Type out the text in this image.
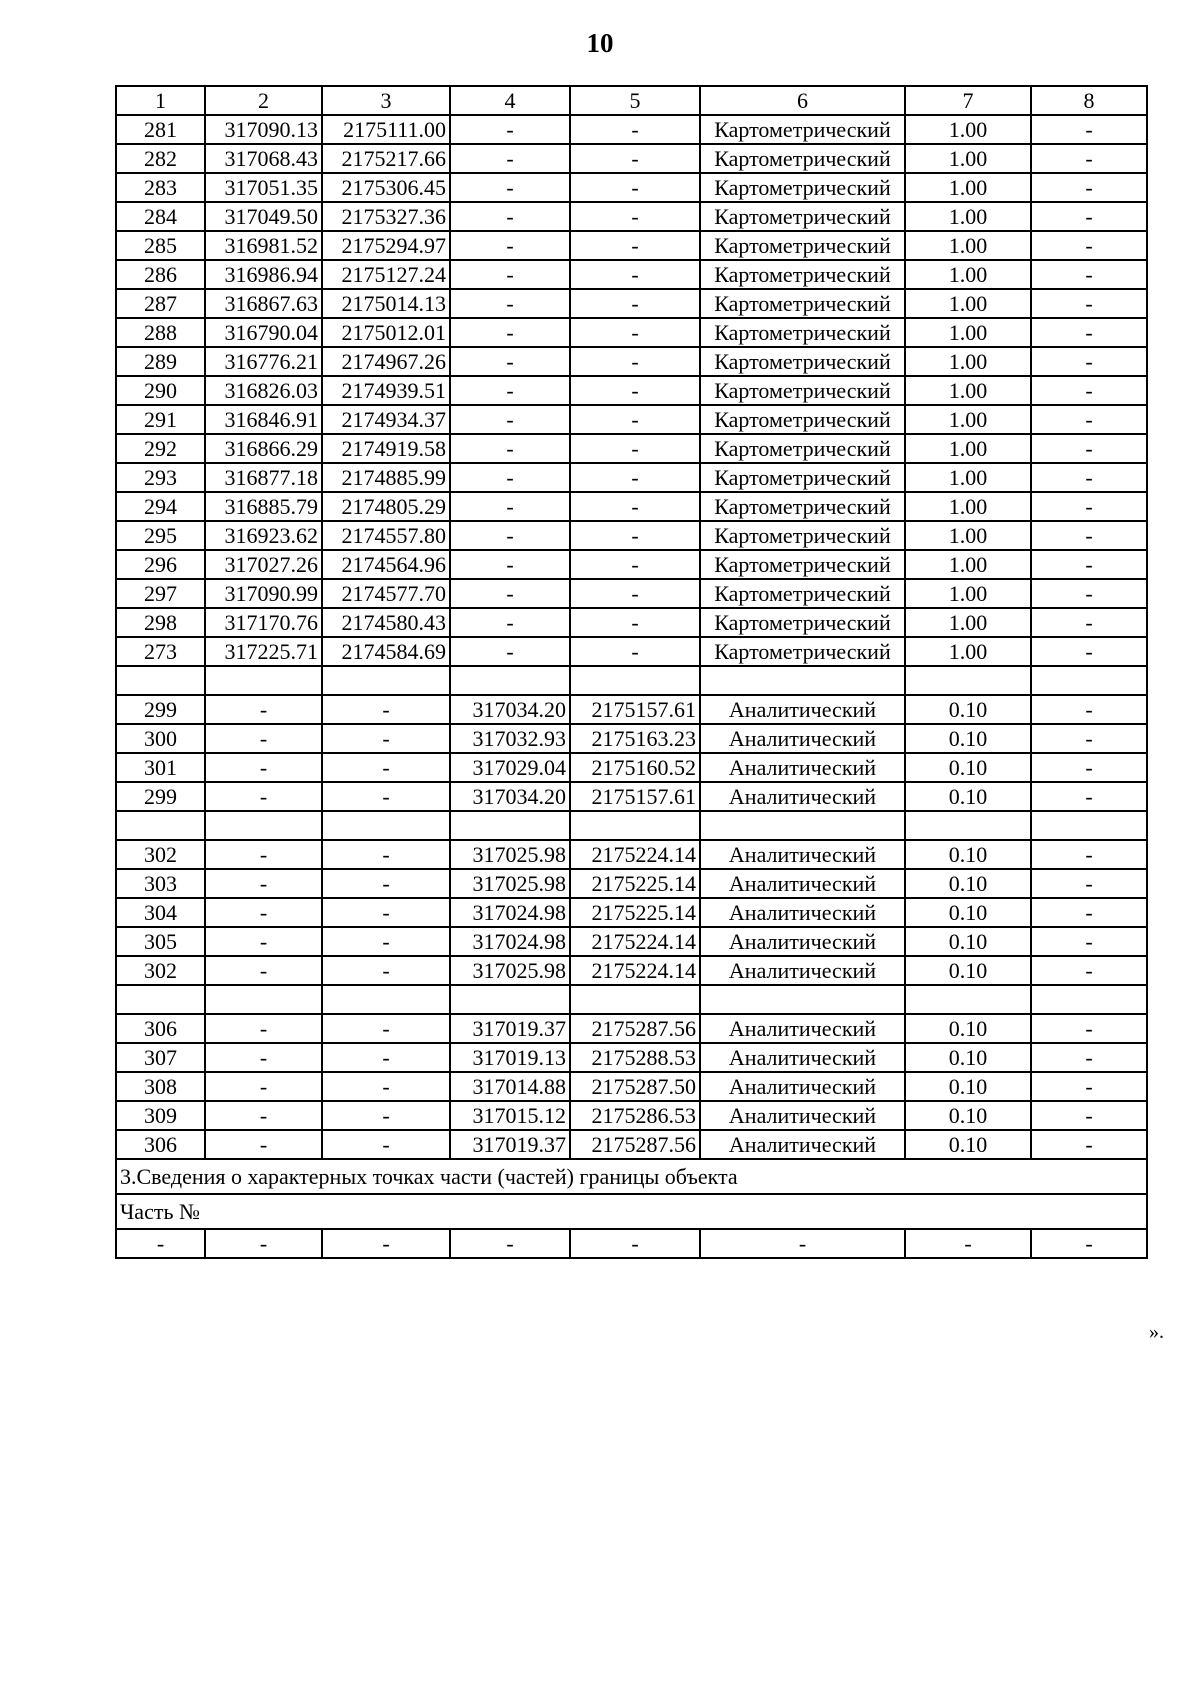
10
1	2	3	4	5	6	7	8
281	317090.13	2175111.00	-	-	Картометрический	1.00	-
282	317068.43	2175217.66	-	-	Картометрический	1.00	-
283	317051.35	2175306.45	-	-	Картометрический	1.00	-
284	317049.50	2175327.36	-	-	Картометрический	1.00	-
285	316981.52	2175294.97	-	-	Картометрический	1.00	-
286	316986.94	2175127.24	-	-	Картометрический	1.00	-
287	316867.63	2175014.13	-	-	Картометрический	1.00	-
288	316790.04	2175012.01	-	-	Картометрический	1.00	-
289	316776.21	2174967.26	-	-	Картометрический	1.00	-
290	316826.03	2174939.51	-	-	Картометрический	1.00	-
291	316846.91	2174934.37	-	-	Картометрический	1.00	-
292	316866.29	2174919.58	-	-	Картометрический	1.00	-
293	316877.18	2174885.99	-	-	Картометрический	1.00	-
294	316885.79	2174805.29	-	-	Картометрический	1.00	-
295	316923.62	2174557.80	-	-	Картометрический	1.00	-
296	317027.26	2174564.96	-	-	Картометрический	1.00	-
297	317090.99	2174577.70	-	-	Картометрический	1.00	-
298	317170.76	2174580.43	-	-	Картометрический	1.00	-
273	317225.71	2174584.69	-	-	Картометрический	1.00	-

299	-	-	317034.20	2175157.61	Аналитический	0.10	-
300	-	-	317032.93	2175163.23	Аналитический	0.10	-
301	-	-	317029.04	2175160.52	Аналитический	0.10	-
299	-	-	317034.20	2175157.61	Аналитический	0.10	-

302	-	-	317025.98	2175224.14	Аналитический	0.10	-
303	-	-	317025.98	2175225.14	Аналитический	0.10	-
304	-	-	317024.98	2175225.14	Аналитический	0.10	-
305	-	-	317024.98	2175224.14	Аналитический	0.10	-
302	-	-	317025.98	2175224.14	Аналитический	0.10	-

306	-	-	317019.37	2175287.56	Аналитический	0.10	-
307	-	-	317019.13	2175288.53	Аналитический	0.10	-
308	-	-	317014.88	2175287.50	Аналитический	0.10	-
309	-	-	317015.12	2175286.53	Аналитический	0.10	-
306	-	-	317019.37	2175287.56	Аналитический	0.10	-
3.Сведения о характерных точках части (частей) границы объекта							
Часть №							
-	-	-	-	-	-	-	-
».
